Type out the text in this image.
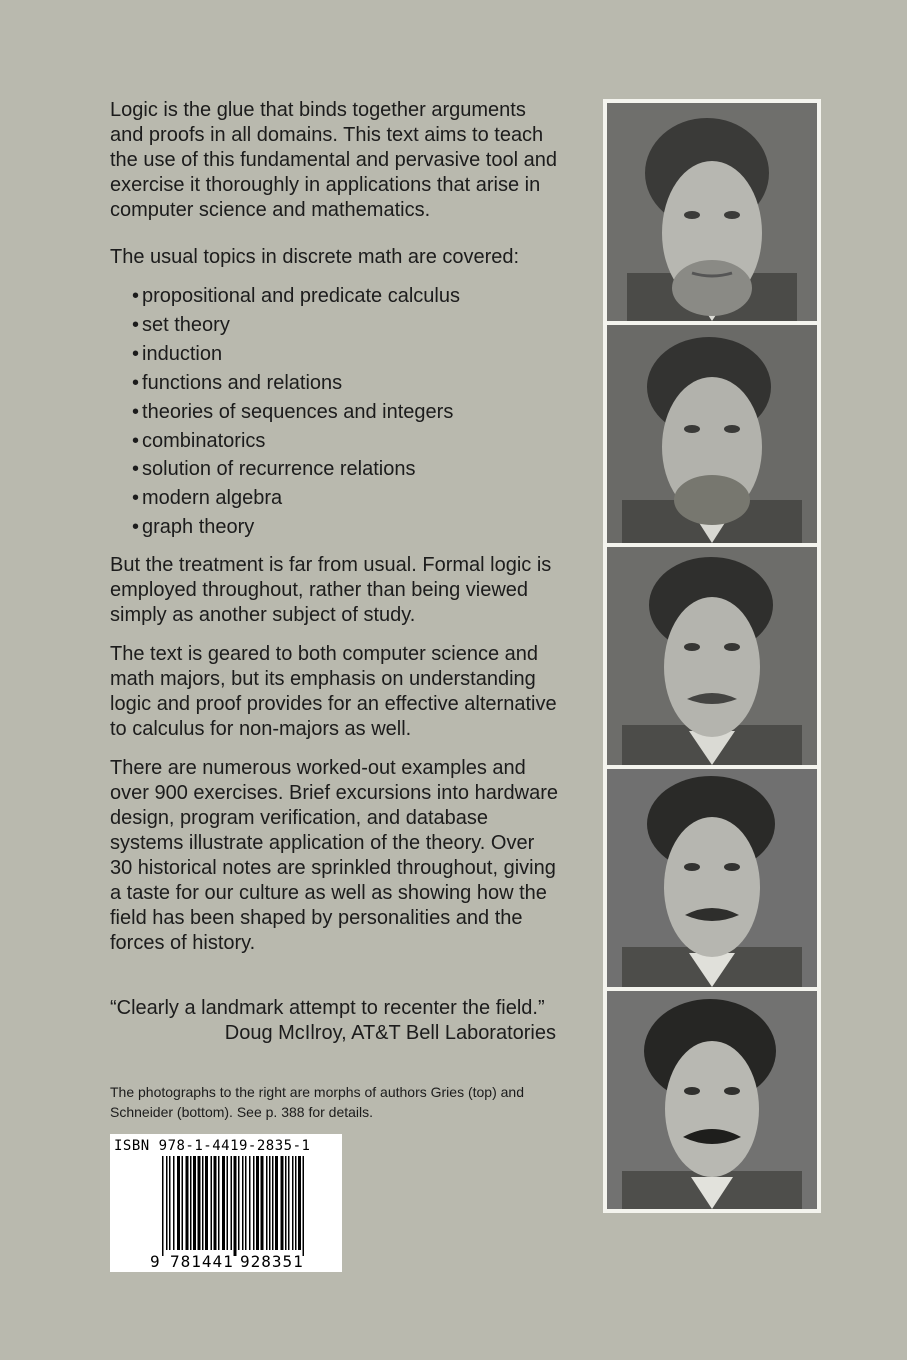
Logic is the glue that binds together arguments and proofs in all domains. This text aims to teach the use of this fundamental and pervasive tool and exercise it thoroughly in applications that arise in computer science and mathematics.

The usual topics in discrete math are covered:

• propositional and predicate calculus
• set theory
• induction
• functions and relations
• theories of sequences and integers
• combinatorics
• solution of recurrence relations
• modern algebra
• graph theory

But the treatment is far from usual. Formal logic is employed throughout, rather than being viewed simply as another subject of study.

The text is geared to both computer science and math majors, but its emphasis on understanding logic and proof provides for an effective alternative to calculus for non-majors as well.

There are numerous worked-out examples and over 900 exercises. Brief excursions into hardware design, program verification, and database systems illustrate application of the theory. Over 30 historical notes are sprinkled throughout, giving a taste for our culture as well as showing how the field has been shaped by personalities and the forces of history.

“Clearly a landmark attempt to recenter the field.”
Doug McIlroy, AT&T Bell Laboratories
The photographs to the right are morphs of authors Gries (top) and Schneider (bottom). See p. 388 for details.
9 781441 928351
ISBN 978-1-4419-2835-1
